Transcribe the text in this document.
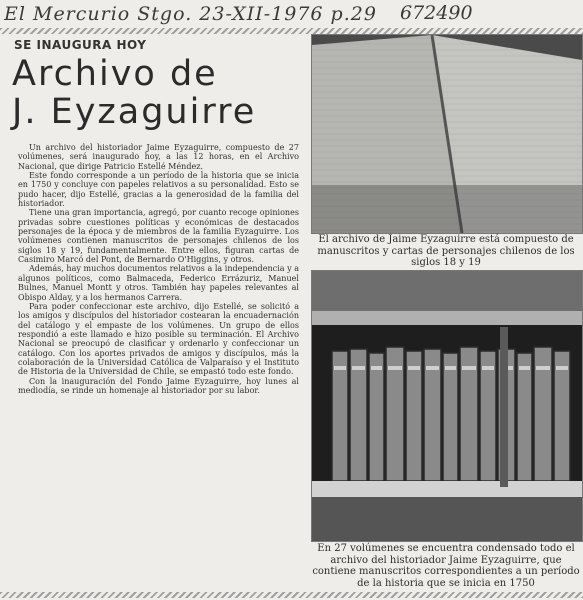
El Mercurio Stgo. 23-XII-1976 p.29	672490
SE INAUGURA HOY
Archivo de
J. Eyzaguirre

Un archivo del historiador Jaime Eyzaguirre, compuesto de 27 volúmenes, será inaugurado hoy, a las 12 horas, en el Archivo Nacional, que dirige Patricio Estellé Méndez.

Este fondo corresponde a un período de la historia que se inicia en 1750 y concluye con papeles relativos a su personalidad. Esto se pudo hacer, dijo Estellé, gracias a la generosidad de la familia del historiador.

Tiene una gran importancia, agregó, por cuanto recoge opiniones privadas sobre cuestiones políticas y económicas de destacados personajes de la época y de miembros de la familia Eyzaguirre. Los volúmenes contienen manuscritos de personajes chilenos de los siglos 18 y 19, fundamentalmente. Entre ellos, figuran cartas de Casimiro Marcó del Pont, de Bernardo O'Higgins, y otros.

Además, hay muchos documentos relativos a la independencia y a algunos políticos, como Balmaceda, Federico Errázuriz, Manuel Bulnes, Manuel Montt y otros. También hay papeles relevantes al Obispo Alday, y a los hermanos Carrera.

Para poder confeccionar este archivo, dijo Estellé, se solicitó a los amigos y discípulos del historiador costearan la encuadernación del catálogo y el empaste de los volúmenes. Un grupo de ellos respondió a este llamado e hizo posible su terminación. El Archivo Nacional se preocupó de clasificar y ordenarlo y confeccionar un catálogo. Con los aportes privados de amigos y discípulos, más la colaboración de la Universidad Católica de Valparaíso y el Instituto de Historia de la Universidad de Chile, se empastó todo este fondo.

Con la inauguración del Fondo Jaime Eyzaguirre, hoy lunes al mediodía, se rinde un homenaje al historiador por su labor.

El archivo de Jaime Eyzaguirre está compuesto de manuscritos y cartas de personajes chilenos de los siglos 18 y 19
En 27 volúmenes se encuentra condensado todo el archivo del historiador Jaime Eyzaguirre, que contiene manuscritos correspondientes a un período de la historia que se inicia en 1750
